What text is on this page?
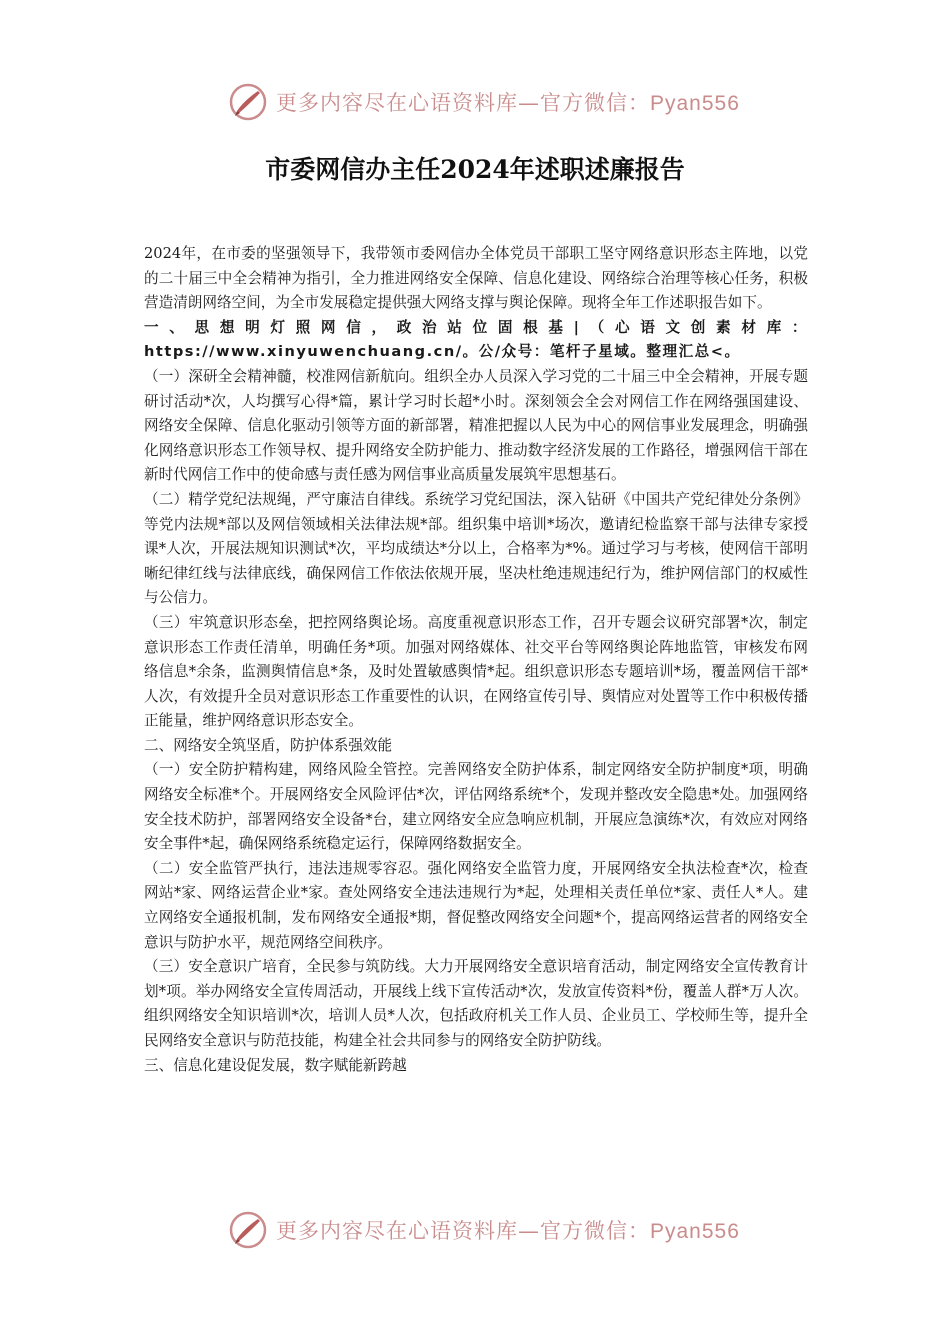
更多内容尽在心语资料库—官方微信：Pyan556
市委网信办主任2024年述职述廉报告

2024年，在市委的坚强领导下，我带领市委网信办全体党员干部职工坚守网络意识形态主阵地，以党的二十届三中全会精神为指引，全力推进网络安全保障、信息化建设、网络综合治理等核心任务，积极营造清朗网络空间，为全市发展稳定提供强大网络支撑与舆论保障。现将全年工作述职报告如下。

一、思想明灯照网信，政治站位固根基|（心语文创素材库：https://www.xinyuwenchuang.cn/。公/众号：笔杆子星域。整理汇总<。

（一）深研全会精神髓，校准网信新航向。组织全办人员深入学习党的二十届三中全会精神，开展专题研讨活动*次，人均撰写心得*篇，累计学习时长超*小时。深刻领会全会对网信工作在网络强国建设、网络安全保障、信息化驱动引领等方面的新部署，精准把握以人民为中心的网信事业发展理念，明确强化网络意识形态工作领导权、提升网络安全防护能力、推动数字经济发展的工作路径，增强网信干部在新时代网信工作中的使命感与责任感为网信事业高质量发展筑牢思想基石。

（二）精学党纪法规绳，严守廉洁自律线。系统学习党纪国法，深入钻研《中国共产党纪律处分条例》等党内法规*部以及网信领域相关法律法规*部。组织集中培训*场次，邀请纪检监察干部与法律专家授课*人次，开展法规知识测试*次，平均成绩达*分以上，合格率为*%。通过学习与考核，使网信干部明晰纪律红线与法律底线，确保网信工作依法依规开展，坚决杜绝违规违纪行为，维护网信部门的权威性与公信力。

（三）牢筑意识形态垒，把控网络舆论场。高度重视意识形态工作，召开专题会议研究部署*次，制定意识形态工作责任清单，明确任务*项。加强对网络媒体、社交平台等网络舆论阵地监管，审核发布网络信息*余条，监测舆情信息*条，及时处置敏感舆情*起。组织意识形态专题培训*场，覆盖网信干部*人次，有效提升全员对意识形态工作重要性的认识，在网络宣传引导、舆情应对处置等工作中积极传播正能量，维护网络意识形态安全。

二、网络安全筑坚盾，防护体系强效能

（一）安全防护精构建，网络风险全管控。完善网络安全防护体系，制定网络安全防护制度*项，明确网络安全标准*个。开展网络安全风险评估*次，评估网络系统*个，发现并整改安全隐患*处。加强网络安全技术防护，部署网络安全设备*台，建立网络安全应急响应机制，开展应急演练*次，有效应对网络安全事件*起，确保网络系统稳定运行，保障网络数据安全。

（二）安全监管严执行，违法违规零容忍。强化网络安全监管力度，开展网络安全执法检查*次，检查网站*家、网络运营企业*家。查处网络安全违法违规行为*起，处理相关责任单位*家、责任人*人。建立网络安全通报机制，发布网络安全通报*期，督促整改网络安全问题*个，提高网络运营者的网络安全意识与防护水平，规范网络空间秩序。

（三）安全意识广培育，全民参与筑防线。大力开展网络安全意识培育活动，制定网络安全宣传教育计划*项。举办网络安全宣传周活动，开展线上线下宣传活动*次，发放宣传资料*份，覆盖人群*万人次。组织网络安全知识培训*次，培训人员*人次，包括政府机关工作人员、企业员工、学校师生等，提升全民网络安全意识与防范技能，构建全社会共同参与的网络安全防护防线。

三、信息化建设促发展，数字赋能新跨越

更多内容尽在心语资料库—官方微信：Pyan556
